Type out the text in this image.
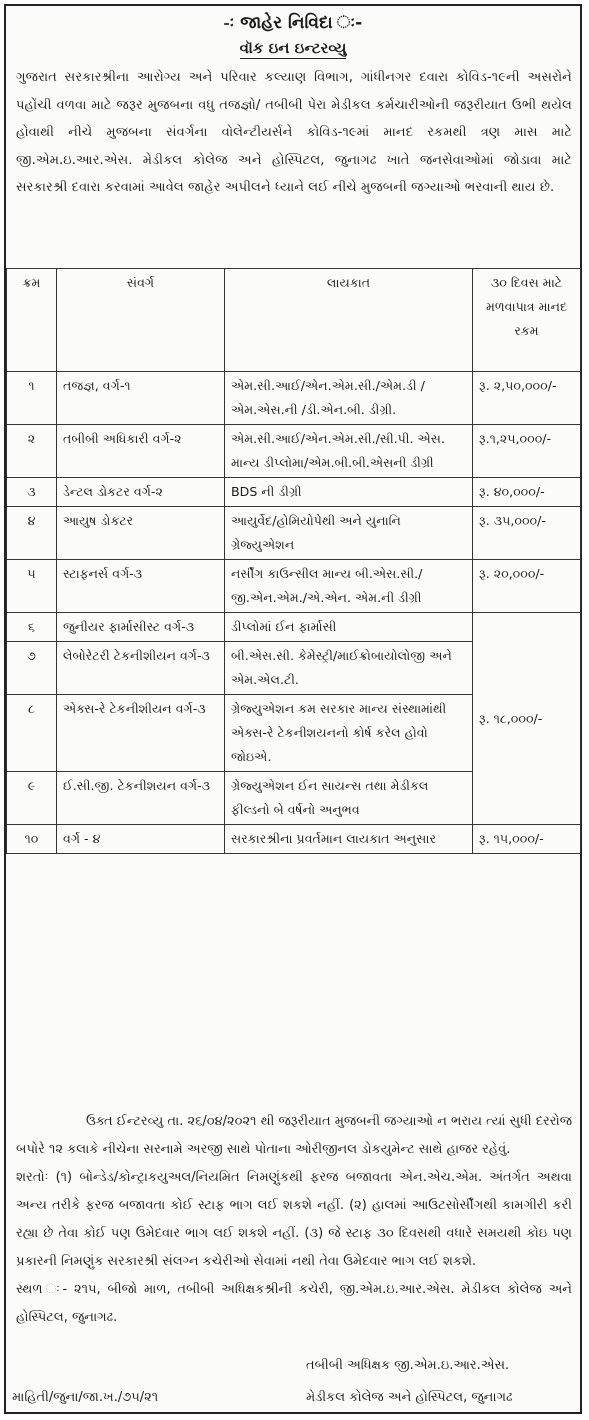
-ઃ જાહેર નિવિદા ઃ-
વૉક ઇન ઇન્ટરવ્યુ
ગુજરાત સરકારશ્રીના આરોગ્ય અને પરિવાર કલ્યાણ વિભાગ, ગાંધીનગર દવારા કોવિડ-૧૯ની અસરોને પહોંચી વળવા માટે જરૂર મુજબના વધુ તજજ્ઞો/ તબીબી પેરા મેડીકલ કર્મચારીઓની જરૂરીયાત ઉભી થયેલ હોવાથી નીચે મુજબના સંવર્ગના વોલેન્ટીયર્સને કોવિડ-૧૯માં માનદ રકમથી ત્રણ માસ માટે જી.એમ.ઇ.આર.એસ. મેડીકલ કોલેજ અને હોસ્પિટલ, જુનાગઢ ખાતે જનસેવાઓમાં જોડાવા માટે સરકારશ્રી દવારા કરવામાં આવેલ જાહેર અપીલને ધ્યાને લઈ નીચે મુજબની જગ્યાઓ ભરવાની થાય છે.
ક્રમ	સંવર્ગ	લાયકાત	૩૦ દિવસ માટે મળવાપાત્ર માનદ રકમ
૧	તજજ્ઞ, વર્ગ-૧	એમ.સી.આઈ/એન.એમ.સી./એમ.ડી /એમ.એસ.ની /ડી.એન.બી. ડીગ્રી.	રૂ. ૨,૫૦,૦૦૦/-
૨	તબીબી અધિકારી વર્ગ-૨	એમ.સી.આઈ/એન.એમ.સી./સી.પી. એસ. માન્ય ડીપ્લોમા/એમ.બી.બી.એસની ડીગ્રી	રૂ.૧,૨૫,૦૦૦/-
૩	ડેન્ટલ ડોકટર વર્ગ-૨	BDS ની ડીગ્રી	રૂ. ૪૦,૦૦૦/-
૪	આયુષ ડોકટર	આયુર્વેદ/હોમિયોપેથી અને યુનાનિ ગ્રેજ્યુએશન	રૂ. ૩૫,૦૦૦/-
૫	સ્ટાફનર્સ વર્ગ-૩	નર્સીંગ કાઉન્સીલ માન્ય બી.એસ.સી./જી.એન.એમ./એ.એન. એમ.ની ડીગ્રી	રૂ. ૨૦,૦૦૦/-
૬	જુનીયર ફાર્માસીસ્ટ વર્ગ-૩	ડીપ્લોમાં ઈન ફાર્માસી	રૂ. ૧૮,૦૦૦/-
૭	લેબોરેટરી ટેકનીશીયન વર્ગ-૩	બી.એસ.સી. કેમેસ્ટ્રી/માઈક્રોબાયોલોજી અને એમ.એલ.ટી.	
૮	એક્સ-રે ટેકનીશીયન વર્ગ-૩	ગ્રેજ્યુએશન કમ સરકાર માન્ય સંસ્થામાંથી એક્સ-રે ટેકનીશયનનો કોર્ષ કરેલ હોવો જોઇએ.	
૯	ઈ.સી.જી. ટેકનીશયન વર્ગ-૩	ગ્રેજ્યુએશન ઈન સાયન્સ તથા મેડીકલ ફીલ્ડનો બે વર્ષનો અનુભવ	
૧૦	વર્ગ - ૪	સરકારશ્રીના પ્રવર્તમાન લાયકાત અનુસાર	રૂ. ૧૫,૦૦૦/-
ઉક્ત ઈન્ટરવ્યુ તા. ૨૬/૦૪/૨૦૨૧ થી જરૂરીયાત મુજબની જગ્યાઓ ન ભરાય ત્યાં સુધી દરરોજ બપોરે ૧૨ કલાકે નીચેના સરનામે અરજી સાથે પોતાના ઓરીજીનલ ડોકયુમેન્ટ સાથે હાજર રહેવું.
શરતોઃ (૧) બોન્ડેડ/કોન્ટ્રાકયુઅલ/નિયમિત નિમણુંકથી ફરજ બજાવતા એન.એચ.એમ. અંતર્ગત અથવા અન્ય તરીકે ફરજ બજાવતા કોઈ સ્ટાફ ભાગ લઈ શકશે નહીં. (૨) હાલમાં આઉટસોર્સીંગથી કામગીરી કરી રહ્યા છે તેવા કોઈ પણ ઉમેદવાર ભાગ લઈ શકશે નહીં. (૩) જે સ્ટાફ ૩૦ દિવસથી વધારે સમયથી કોઇ પણ પ્રકારની નિમણુંક સરકારશ્રી સંલગ્ન કચેરીઓ સેવામાં નથી તેવા ઉમેદવાર ભાગ લઈ શકશે.
સ્થળ ઃ- ૨૧૫, બીજો માળ, તબીબી અધિક્ષકશ્રીની કચેરી, જી.એમ.ઇ.આર.એસ. મેડીકલ કોલેજ અને હોસ્પિટલ, જુનાગઢ.
તબીબી અધિક્ષક જી.એમ.ઇ.આર.એસ.
માહિતી/જુના/જા.ખ./૭૫/૨૧	મેડીકલ કોલેજ અને હોસ્પિટલ, જુનાગઢ
